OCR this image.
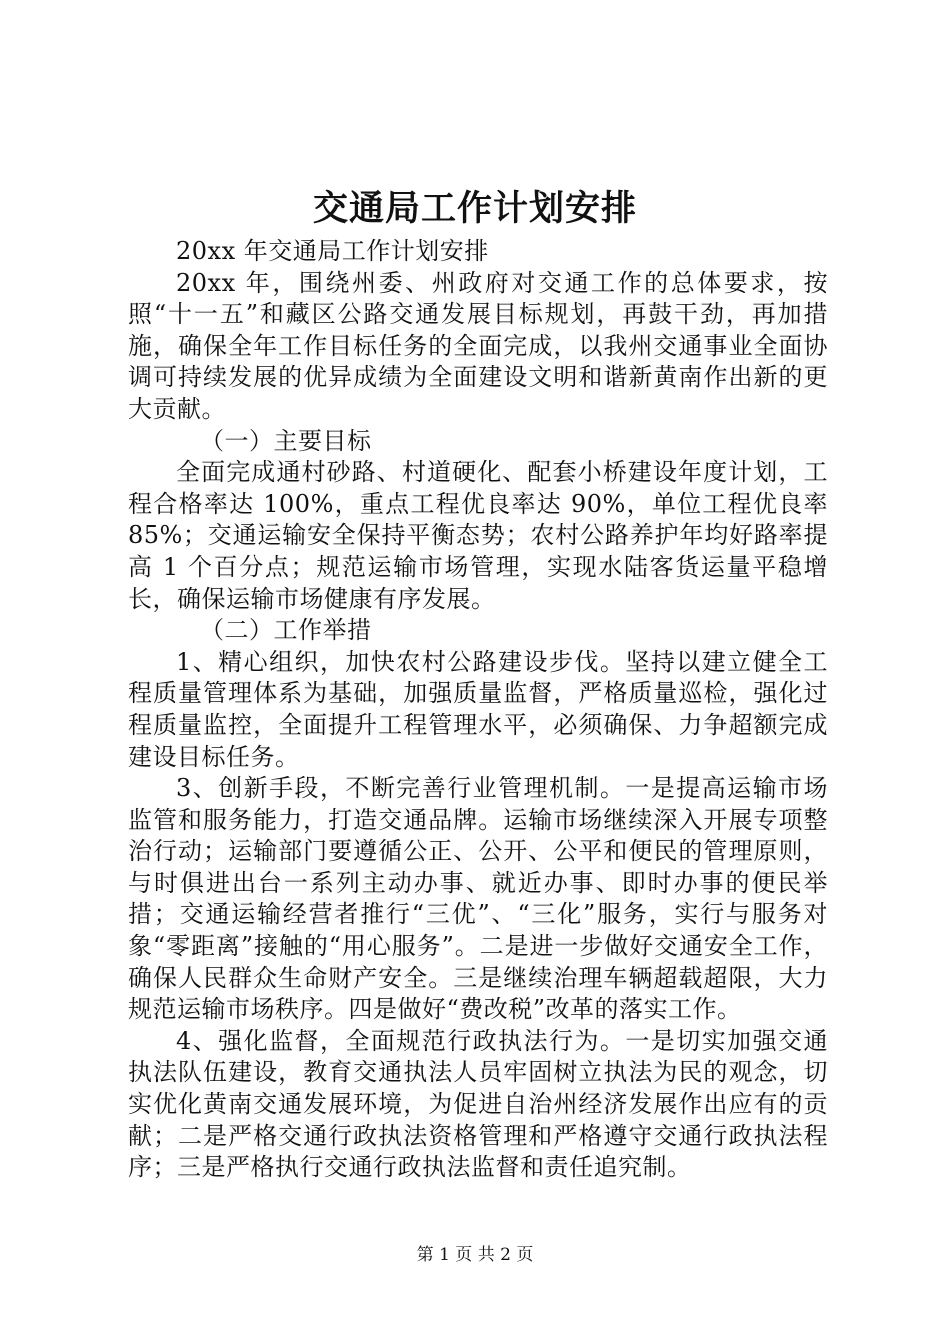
交通局工作计划安排

20xx 年交通局工作计划安排

20xx 年，围绕州委、州政府对交通工作的总体要求，按照“十一五”和藏区公路交通发展目标规划，再鼓干劲，再加措施，确保全年工作目标任务的全面完成，以我州交通事业全面协调可持续发展的优异成绩为全面建设文明和谐新黄南作出新的更大贡献。

（一）主要目标

全面完成通村砂路、村道硬化、配套小桥建设年度计划，工程合格率达 100%，重点工程优良率达 90%，单位工程优良率 85%；交通运输安全保持平衡态势；农村公路养护年均好路率提高 1 个百分点；规范运输市场管理，实现水陆客货运量平稳增长，确保运输市场健康有序发展。

（二）工作举措

1、精心组织，加快农村公路建设步伐。坚持以建立健全工程质量管理体系为基础，加强质量监督，严格质量巡检，强化过程质量监控，全面提升工程管理水平，必须确保、力争超额完成建设目标任务。

3、创新手段，不断完善行业管理机制。一是提高运输市场监管和服务能力，打造交通品牌。运输市场继续深入开展专项整治行动；运输部门要遵循公正、公开、公平和便民的管理原则，与时俱进出台一系列主动办事、就近办事、即时办事的便民举措；交通运输经营者推行“三优”、“三化”服务，实行与服务对象“零距离”接触的“用心服务”。二是进一步做好交通安全工作，确保人民群众生命财产安全。三是继续治理车辆超载超限，大力规范运输市场秩序。四是做好“费改税”改革的落实工作。

4、强化监督，全面规范行政执法行为。一是切实加强交通执法队伍建设，教育交通执法人员牢固树立执法为民的观念，切实优化黄南交通发展环境，为促进自治州经济发展作出应有的贡献；二是严格交通行政执法资格管理和严格遵守交通行政执法程序；三是严格执行交通行政执法监督和责任追究制。

第 1 页 共 2 页
